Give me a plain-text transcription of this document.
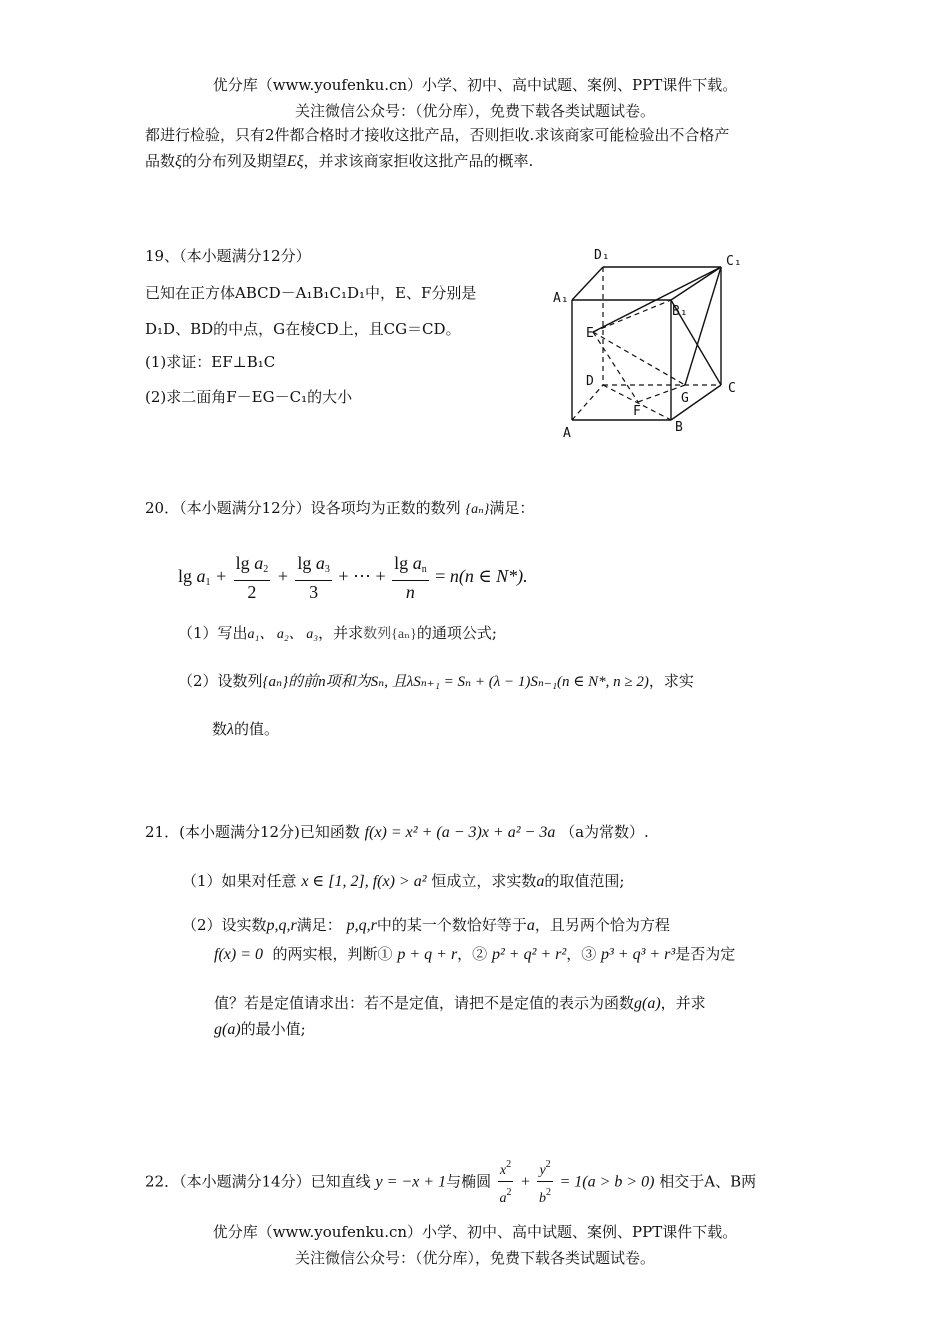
优分库（www.youfenku.cn）小学、初中、高中试题、案例、PPT课件下载。
关注微信公众号：（优分库），免费下载各类试题试卷。
都进行检验，只有2件都合格时才接收这批产品，否则拒收.求该商家可能检验出不合格产
品数ξ的分布列及期望Eξ，并求该商家拒收这批产品的概率.
19、（本小题满分12分）
已知在正方体ABCD－A₁B₁C₁D₁中，E、F分别是
D₁D、BD的中点，G在棱CD上，且CG＝CD。
(1)求证：EF⊥B₁C
(2)求二面角F－EG－C₁的大小
D₁	C₁
A₁
B₁
E
D	C
G
F
A	B
20．（本小题满分12分）设各项均为正数的数列 {aₙ}满足：
$\lg a_1 + \frac{\lg a_2}{2} + \frac{\lg a_3}{3}$ + ⋯ + $\frac{\lg a_n}{n} = n(n$ ∈ N*).
（1）写出a₁、 a₂、 a₃，并求数列{aₙ}的通项公式;
（2）设数列{aₙ}的前n项和为Sₙ, 且λSₙ₊₁ = Sₙ + (λ − 1)Sₙ₋₁(n ∈ N*, n ≥ 2)，求实
数λ的值。
21．(本小题满分12分)已知函数 f(x) = x² + (a − 3)x + a² − 3a （a为常数）.
（1）如果对任意 x ∈ [1, 2], f(x) > a² 恒成立，求实数a的取值范围;
（2）设实数p,q,r满足： p,q,r中的某一个数恰好等于a，且另两个恰为方程
f(x) = 0 的两实根，判断① p + q + r，② p² + q² + r²，③ p³ + q³ + r³是否为定
值？若是定值请求出：若不是定值，请把不是定值的表示为函数g(a)，并求
g(a)的最小值;
22．（本小题满分14分）已知直线 y = −x + 1与椭圆 $\frac{x^2}{a^2} + \frac{y^2}{b^2} = 1(a > b > 0)$ 相交于A、B两
优分库（www.youfenku.cn）小学、初中、高中试题、案例、PPT课件下载。
关注微信公众号：（优分库），免费下载各类试题试卷。
